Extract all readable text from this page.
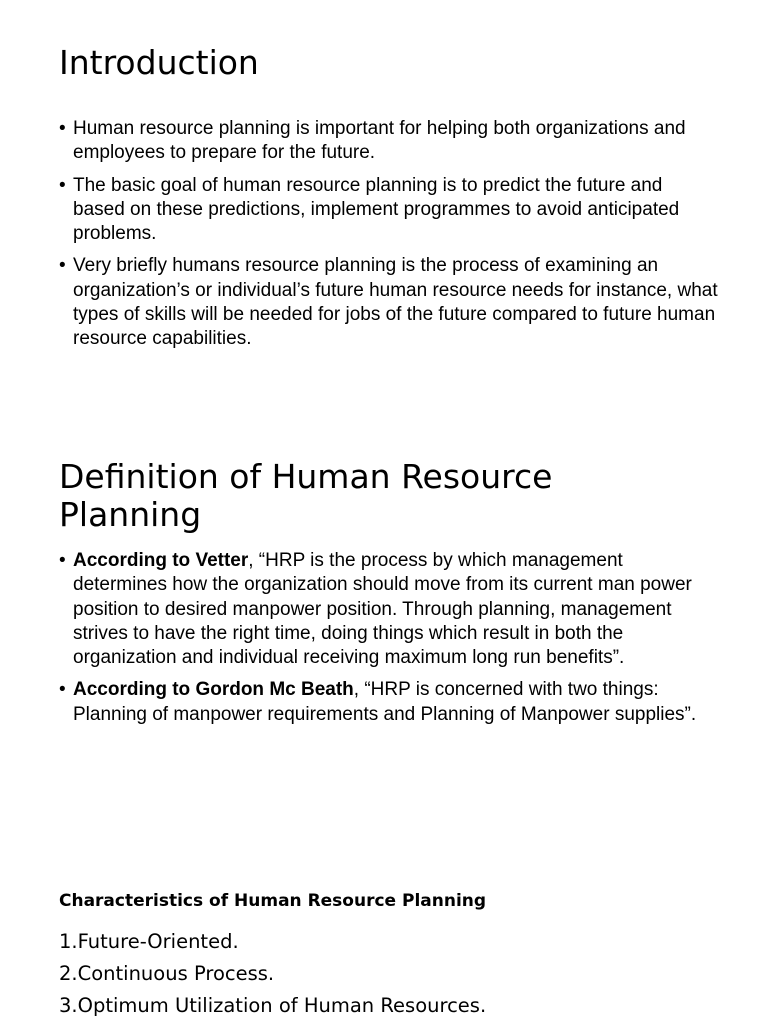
Introduction
• Human resource planning is important for helping both organizations and employees to prepare for the future.
• The basic goal of human resource planning is to predict the future and based on these predictions, implement programmes to avoid anticipated problems.
• Very briefly humans resource planning is the process of examining an organization’s or individual’s future human resource needs for instance, what types of skills will be needed for jobs of the future compared to future human resource capabilities.
Definition of Human Resource Planning
• According to Vetter, “HRP is the process by which management determines how the organization should move from its current man power position to desired manpower position. Through planning, management strives to have the right time, doing things which result in both the organization and individual receiving maximum long run benefits”.
• According to Gordon Mc Beath, “HRP is concerned with two things: Planning of manpower requirements and Planning of Manpower supplies”.
Characteristics of Human Resource Planning
1.Future-Oriented.
2.Continuous Process.
3.Optimum Utilization of Human Resources.
